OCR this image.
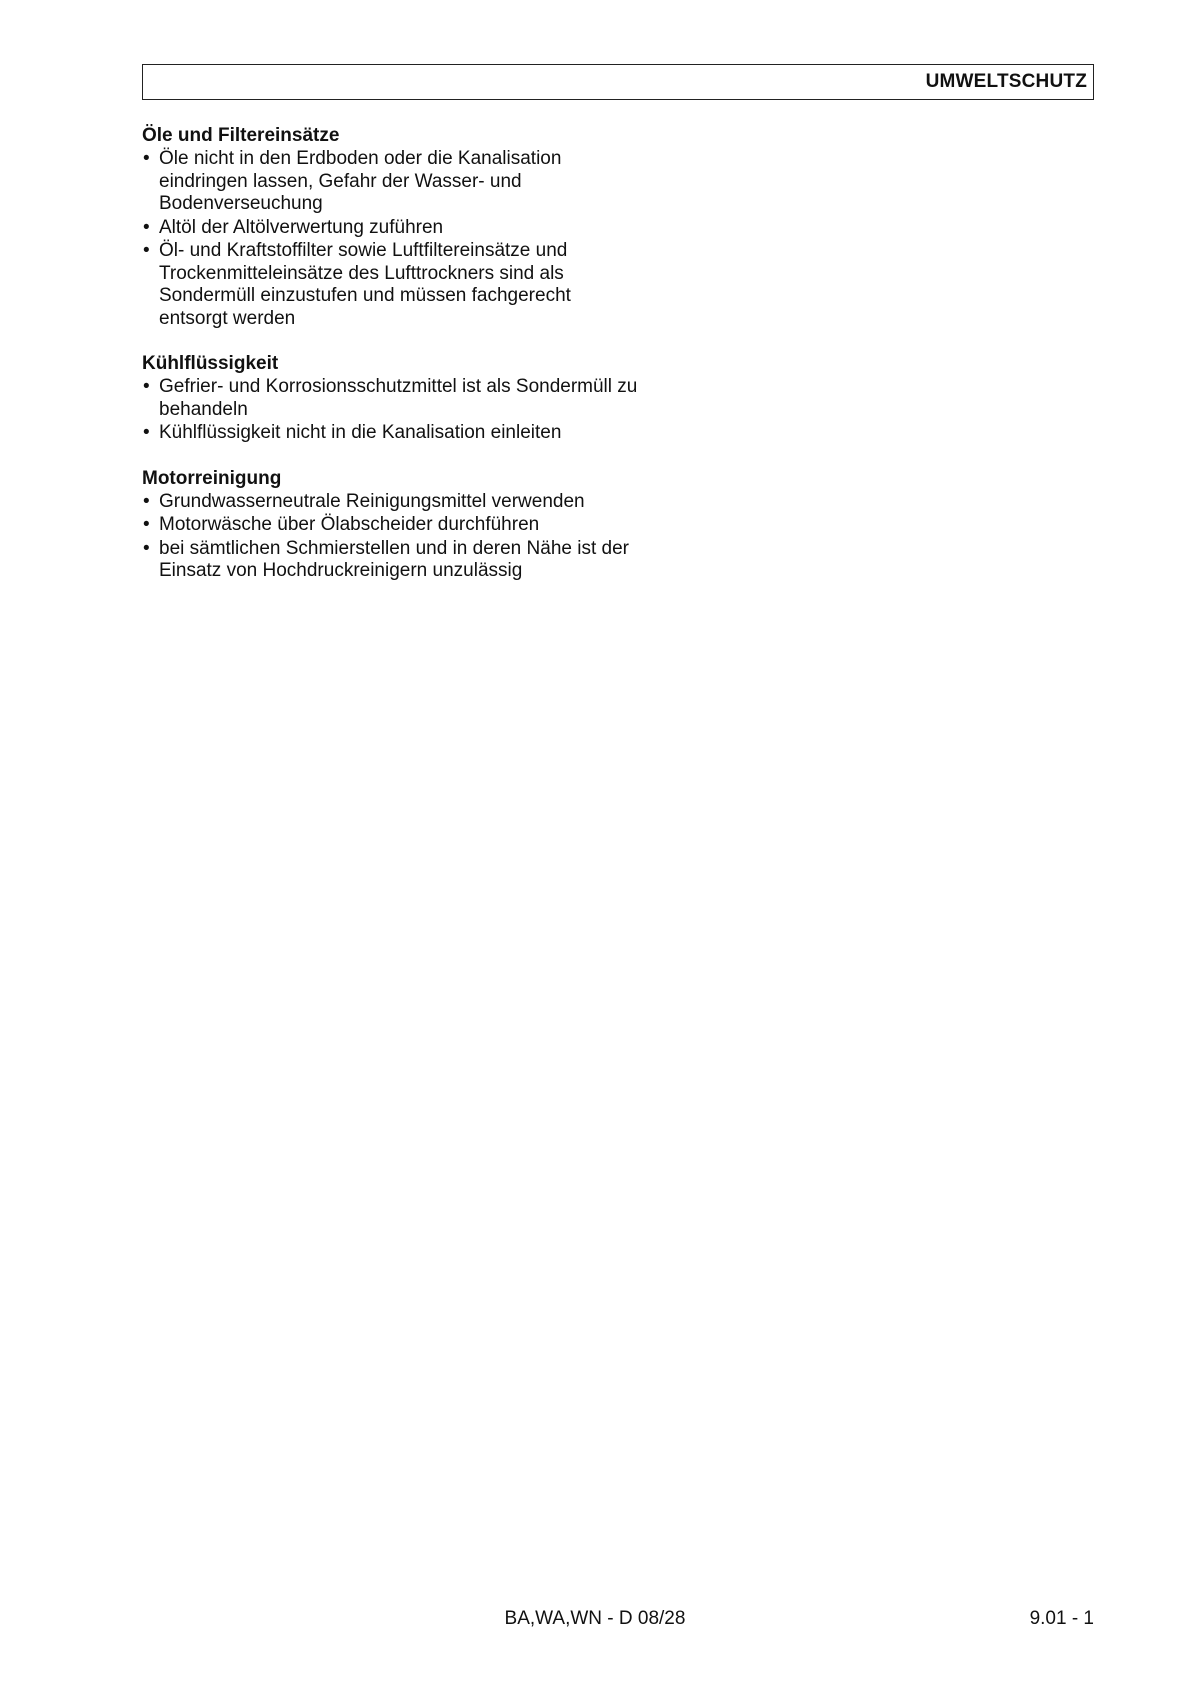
UMWELTSCHUTZ

Öle und Filtereinsätze

• Öle nicht in den Erdboden oder die Kanalisation eindringen lassen, Gefahr der Wasser- und Bodenverseuchung
• Altöl der Altölverwertung zuführen
• Öl- und Kraftstoffilter sowie Luftfiltereinsätze und Trockenmitteleinsätze des Lufttrockners sind als Sondermüll einzustufen und müssen fachgerecht entsorgt werden

Kühlflüssigkeit

• Gefrier- und Korrosionsschutzmittel ist als Sondermüll zu behandeln
• Kühlflüssigkeit nicht in die Kanalisation einleiten

Motorreinigung

• Grundwasserneutrale Reinigungsmittel verwenden
• Motorwäsche über Ölabscheider durchführen
• bei sämtlichen Schmierstellen und in deren Nähe ist der Einsatz von Hochdruckreinigern unzulässig
BA,WA,WN - D 08/28	9.01 - 1
